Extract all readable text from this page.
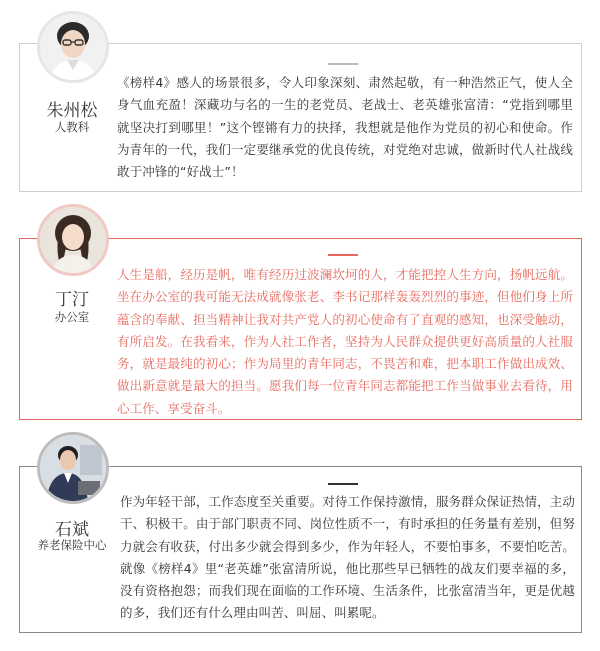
朱州松
人教科

《榜样4》感人的场景很多，令人印象深刻、肃然起敬，有一种浩然正气，使人全身气血充盈！深藏功与名的一生的老党员、老战士、老英雄张富清：“党指到哪里就坚决打到哪里！”这个铿锵有力的抉择，我想就是他作为党员的初心和使命。作为青年的一代，我们一定要继承党的优良传统，对党绝对忠诚，做新时代人社战线敢于冲锋的“好战士”！

丁汀
办公室

人生是船，经历是帆，唯有经历过波澜坎坷的人，才能把控人生方向，扬帆远航。坐在办公室的我可能无法成就像张老、李书记那样轰轰烈烈的事迹，但他们身上所蕴含的奉献、担当精神让我对共产党人的初心使命有了直观的感知，也深受触动，有所启发。在我看来，作为人社工作者，坚持为人民群众提供更好高质量的人社服务，就是最纯的初心；作为局里的青年同志，不畏苦和难，把本职工作做出成效、做出新意就是最大的担当。愿我们每一位青年同志都能把工作当做事业去看待，用心工作、享受奋斗。

石斌
养老保险中心

作为年轻干部，工作态度至关重要。对待工作保持激情，服务群众保证热情，主动干、积极干。由于部门职责不同、岗位性质不一，有时承担的任务量有差别，但努力就会有收获，付出多少就会得到多少，作为年轻人，不要怕事多，不要怕吃苦。就像《榜样4》里“老英雄”张富清所说，他比那些早已牺牲的战友们要幸福的多，没有资格抱怨；而我们现在面临的工作环境、生活条件，比张富清当年，更是优越的多，我们还有什么理由叫苦、叫屈、叫累呢。
